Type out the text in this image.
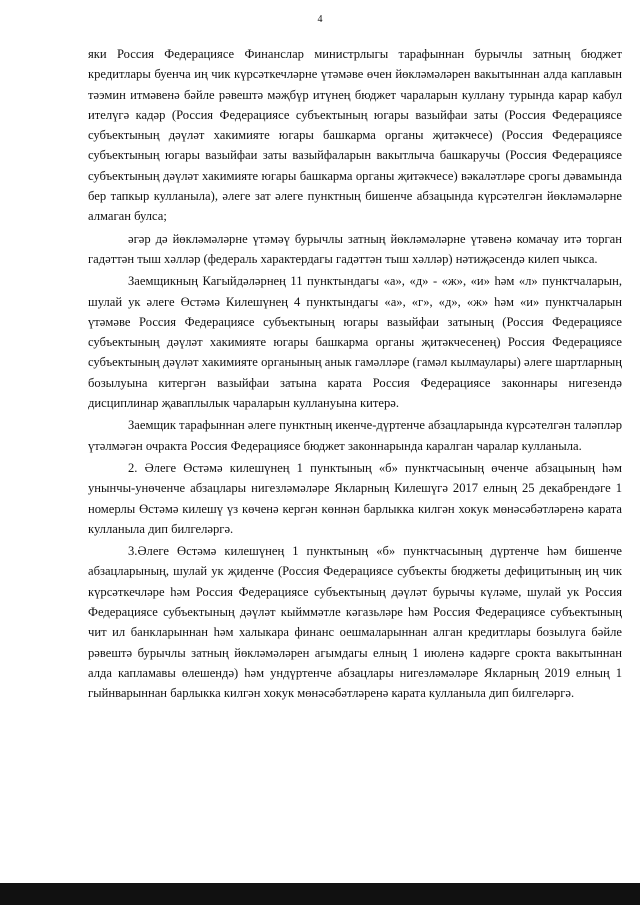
4

яки Россия Федерациясе Финанслар министрлыгы тарафыннан бурычлы затның бюджет кредитлары буенча иң чик күрсәткечләрне үтәмәве өчен йөкләмәләрен вакытыннан алда каплавын тәэмин итмәвенә бәйле рәвештә мәҗбүр итүнең бюджет чараларын куллану турында карар кабул ителүгә кадәр (Россия Федерациясе субъектының югары вазыйфаи заты (Россия Федерациясе субъектының дәүләт хакимияте югары башкарма органы җитәкчесе) (Россия Федерациясе субъектының югары вазыйфаи заты вазыйфаларын вакытлыча башкаручы (Россия Федерациясе субъектының дәүләт хакимияте югары башкарма органы җитәкчесе) вәкаләтләре срогы дәвамында бер тапкыр кулланыла), әлеге зат әлеге пунктның бишенче абзацында күрсәтелгән йөкләмәләрне алмаган булса;

әгәр дә йөкләмәләрне үтәмәү бурычлы затның йөкләмәләрне үтәвенә комачау итә торган гадәттән тыш хәлләр (федераль характердагы гадәттән тыш хәлләр) нәтиҗәсендә килеп чыкса.

Заемщикның Кагыйдәләрнең 11 пунктындагы «а», «д» - «ж», «и» һәм «л» пунктчаларын, шулай ук әлеге Өстәмә Килешүнең 4 пунктындагы «а», «г», «д», «ж» һәм «и» пунктчаларын үтәмәве Россия Федерациясе субъектының югары вазыйфаи затының (Россия Федерациясе субъектының дәүләт хакимияте югары башкарма органы җитәкчесенең) Россия Федерациясе субъектының дәүләт хакимияте органының анык гамәлләре (гамәл кылмаулары) әлеге шартларның бозылуына китергән вазыйфаи затына карата Россия Федерациясе законнары нигезендә дисциплинар җаваплылык чараларын куллануына китерә.

Заемщик тарафыннан әлеге пунктның икенче-дүртенче абзацларында күрсәтелгән таләпләр үтәлмәгән очракта Россия Федерациясе бюджет законнарында каралган чаралар кулланыла.

2. Әлеге Өстәмә килешүнең 1 пунктының «б» пунктчасының өченче абзацының һәм унынчы-унөченче абзацлары нигезләмәләре Якларның Килешүгә 2017 елның 25 декабрендәге 1 номерлы Өстәмә килешү үз көченә кергән көннән барлыкка килгән хокук мөнәсәбәтләренә карата кулланыла дип билгеләргә.

3.Әлеге Өстәмә килешүнең 1 пунктының «б» пунктчасының дүртенче һәм бишенче абзацларының, шулай ук җиденче (Россия Федерациясе субъекты бюджеты дефицитының иң чик күрсәткечләре һәм Россия Федерациясе субъектының дәүләт бурычы күләме, шулай ук Россия Федерациясе субъектының дәүләт кыйммәтле кәгазьләре һәм Россия Федерациясе субъектының чит ил банкларыннан һәм халыкара финанс оешмаларыннан алган кредитлары бозылуга бәйле рәвештә бурычлы затның йөкләмәләрен агымдагы елның 1 июленә кадәрге срокта вакытыннан алда капламавы өлешендә) һәм ундүртенче абзацлары нигезләмәләре Якларның 2019 елның 1 гыйнварыннан барлыкка килгән хокук мөнәсәбәтләренә карата кулланыла дип билгеләргә.
